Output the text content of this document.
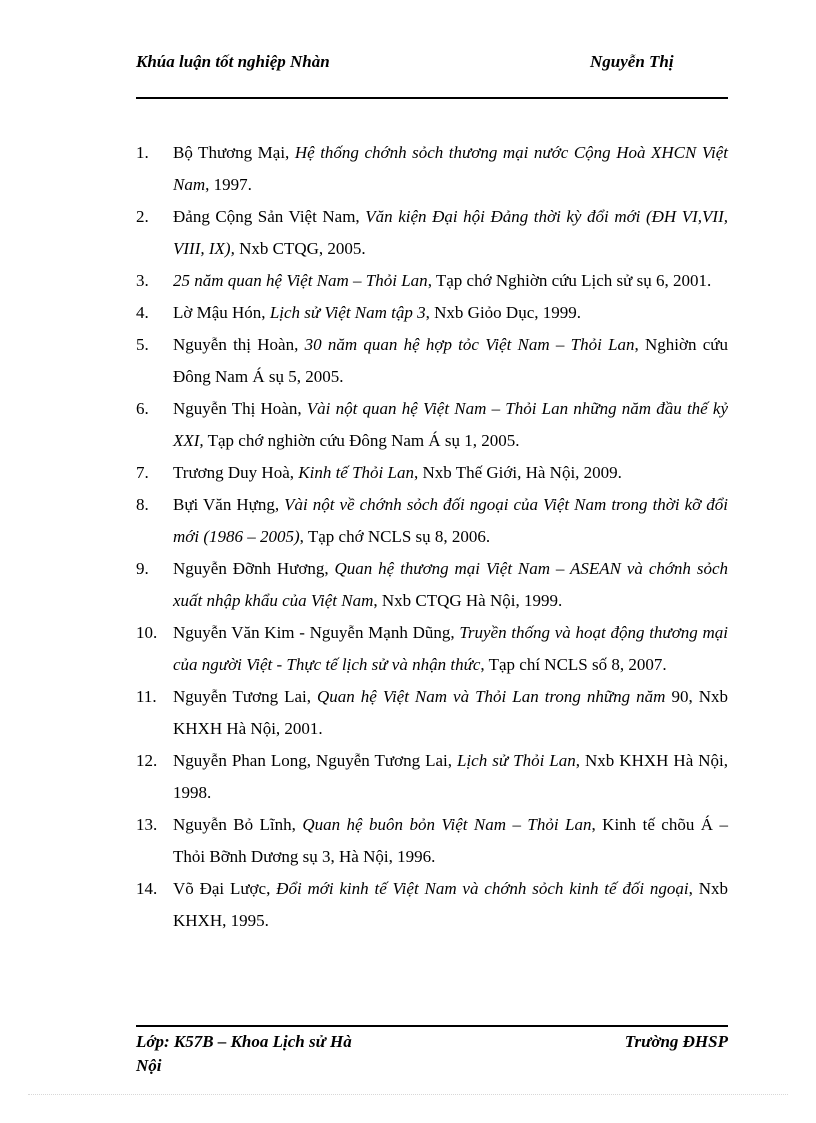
Khúa luận tốt nghiệp Nhàn	Nguyễn Thị
1.	Bộ Thương Mại, Hệ thống chớnh sỏch thương mại nước Cộng Hoà XHCN Việt Nam, 1997.
2.	Đảng Cộng Sản Việt Nam, Văn kiện Đại hội Đảng thời kỳ đổi mới (ĐH VI,VII, VIII, IX), Nxb CTQG, 2005.
3.	25 năm quan hệ Việt Nam – Thỏi Lan, Tạp chớ Nghiờn cứu Lịch sử sụ 6, 2001.
4.	Lờ Mậu Hón, Lịch sử Việt Nam tập 3, Nxb Giỏo Dục, 1999.
5.	Nguyễn thị Hoàn, 30 năm quan hệ hợp tỏc Việt Nam – Thỏi Lan, Nghiờn cứu Đông Nam Á sụ 5, 2005.
6.	Nguyễn Thị Hoàn, Vài nột quan hệ Việt Nam – Thỏi Lan những năm đầu thế kỷ XXI, Tạp chớ nghiờn cứu Đông Nam Á sụ 1, 2005.
7.	Trương Duy Hoà, Kinh tế Thỏi Lan, Nxb Thế Giới, Hà Nội, 2009.
8.	Bựi Văn Hựng, Vài nột về chớnh sỏch đối ngoại của Việt Nam trong thời kỡ đổi mới (1986 – 2005), Tạp chớ NCLS sụ 8, 2006.
9.	Nguyễn Đỡnh Hương, Quan hệ thương mại Việt Nam – ASEAN và chớnh sỏch xuất nhập khẩu của Việt Nam, Nxb CTQG Hà Nội, 1999.
10. Nguyễn Văn Kim - Nguyễn Mạnh Dũng, Truyền thống và hoạt động thương mại của người Việt - Thực tế lịch sử và nhận thức, Tạp chí NCLS số 8, 2007.
11. Nguyễn Tương Lai, Quan hệ Việt Nam và Thỏi Lan trong những năm 90, Nxb KHXH Hà Nội, 2001.
12. Nguyễn Phan Long, Nguyễn Tương Lai, Lịch sử Thỏi Lan, Nxb KHXH Hà Nội, 1998.
13. Nguyễn Bỏ Lĩnh, Quan hệ buôn bỏn Việt Nam – Thỏi Lan, Kinh tế chõu Á – Thỏi Bỡnh Dương sụ 3, Hà Nội, 1996.
14. Võ Đại Lược, Đổi mới kinh tế Việt Nam và chớnh sỏch kinh tế đối ngoại, Nxb KHXH, 1995.
Lớp: K57B – Khoa Lịch sử Hà Nội
Trường ĐHSP
